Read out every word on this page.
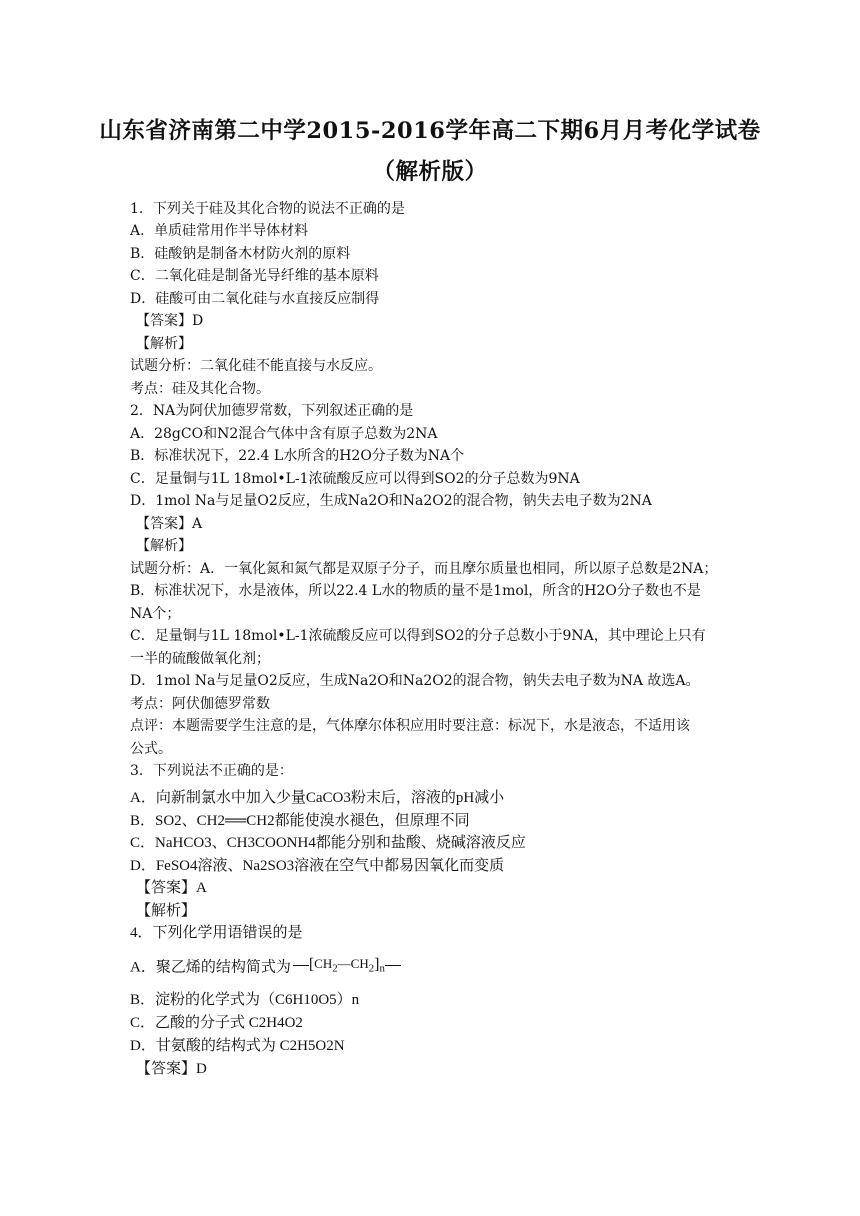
山东省济南第二中学2015-2016学年高二下期6月月考化学试卷
（解析版）
1．下列关于硅及其化合物的说法不正确的是
A．单质硅常用作半导体材料
B．硅酸钠是制备木材防火剂的原料
C．二氧化硅是制备光导纤维的基本原料
D．硅酸可由二氧化硅与水直接反应制得
【答案】D
【解析】
试题分析：二氧化硅不能直接与水反应。
考点：硅及其化合物。
2．NA为阿伏加德罗常数，下列叙述正确的是
A．28gCO和N2混合气体中含有原子总数为2NA
B．标准状况下，22.4 L水所含的H2O分子数为NA个
C．足量铜与1L 18mol•L-1浓硫酸反应可以得到SO2的分子总数为9NA
D．1mol Na与足量O2反应，生成Na2O和Na2O2的混合物，钠失去电子数为2NA
【答案】A
【解析】
试题分析：A．一氧化氮和氮气都是双原子分子，而且摩尔质量也相同，所以原子总数是2NA；
B．标准状况下，水是液体，所以22.4 L水的物质的量不是1mol，所含的H2O分子数也不是
NA个；
C．足量铜与1L 18mol•L-1浓硫酸反应可以得到SO2的分子总数小于9NA，其中理论上只有
一半的硫酸做氧化剂；
D．1mol Na与足量O2反应，生成Na2O和Na2O2的混合物，钠失去电子数为NA 故选A。
考点：阿伏伽德罗常数
点评：本题需要学生注意的是，气体摩尔体积应用时要注意：标况下，水是液态，不适用该
公式。
3．下列说法不正确的是：
A．向新制氯水中加入少量CaCO3粉末后，溶液的pH减小
B．SO2、CH2══CH2都能使溴水褪色，但原理不同
C．NaHCO3、CH3COONH4都能分别和盐酸、烧碱溶液反应
D．FeSO4溶液、Na2SO3溶液在空气中都易因氧化而变质
【答案】A
【解析】
4．下列化学用语错误的是
A．聚乙烯的结构简式为 $[CH_2—CH_2]_n$
B．淀粉的化学式为（C6H10O5）n
C．乙酸的分子式 C2H4O2
D．甘氨酸的结构式为 C2H5O2N
【答案】D
